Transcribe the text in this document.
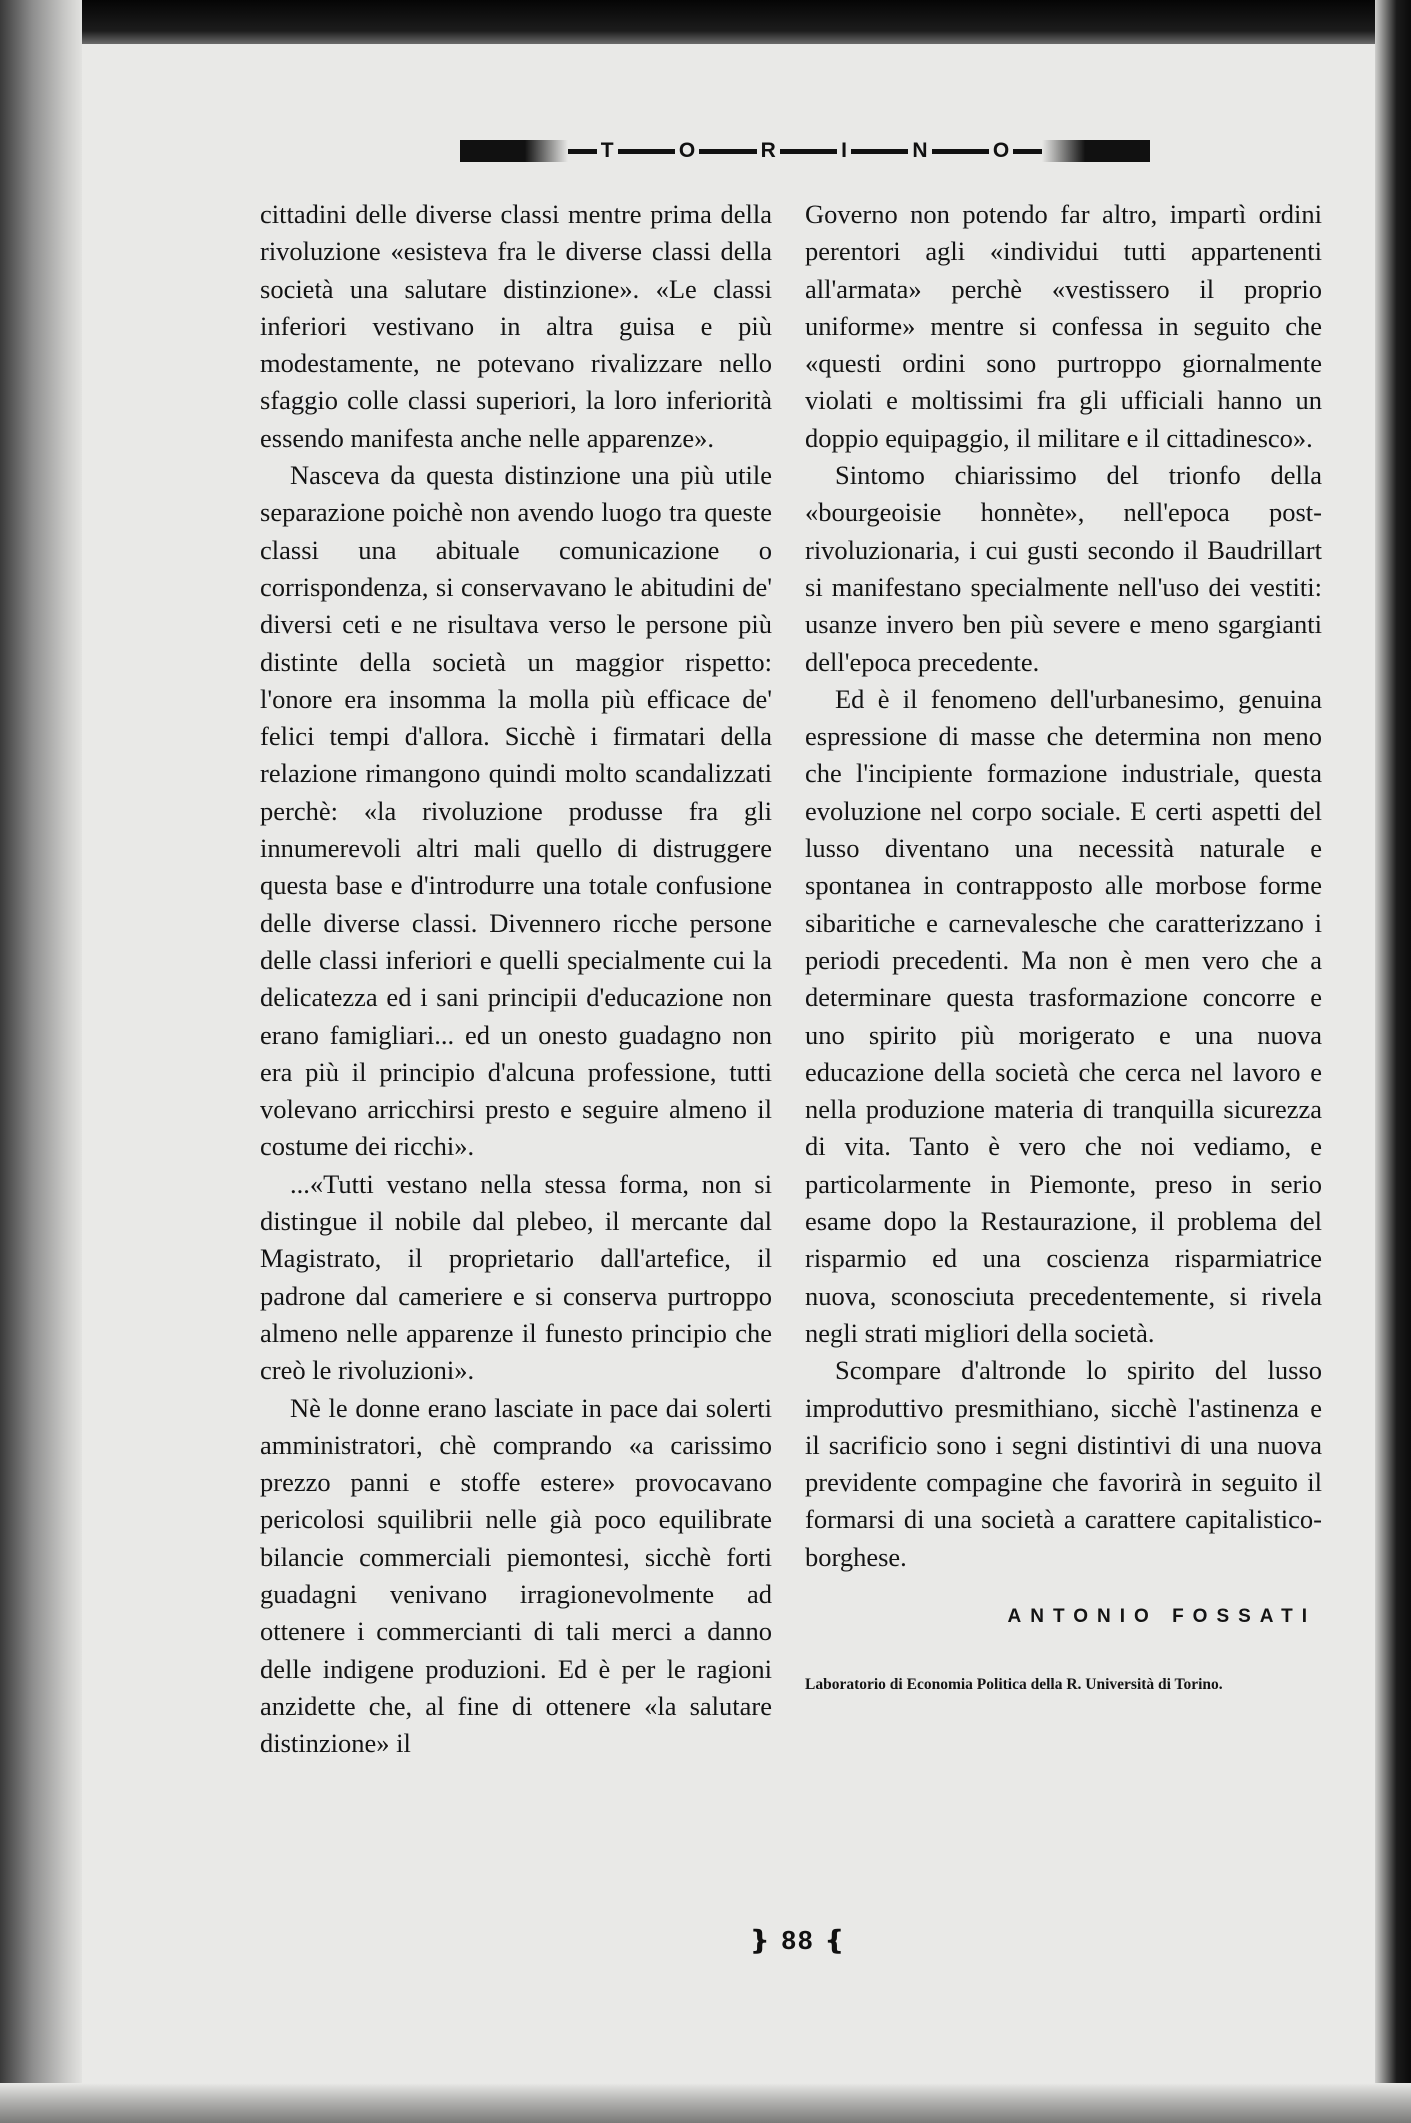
T	O	R	I	N	O

cittadini delle diverse classi mentre prima della rivoluzione «esisteva fra le diverse classi della società una salutare distinzione». «Le classi inferiori vestivano in altra guisa e più modestamente, ne potevano rivalizzare nello sfaggio colle classi superiori, la loro inferiorità essendo manifesta anche nelle apparenze».

Nasceva da questa distinzione una più utile separazione poichè non avendo luogo tra queste classi una abituale comunicazione o corrispondenza, si conservavano le abitudini de' diversi ceti e ne risultava verso le persone più distinte della società un maggior rispetto: l'onore era insomma la molla più efficace de' felici tempi d'allora. Sicchè i firmatari della relazione rimangono quindi molto scandalizzati perchè: «la rivoluzione produsse fra gli innumerevoli altri mali quello di distruggere questa base e d'introdurre una totale confusione delle diverse classi. Divennero ricche persone delle classi inferiori e quelli specialmente cui la delicatezza ed i sani principii d'educazione non erano famigliari... ed un onesto guadagno non era più il principio d'alcuna professione, tutti volevano arricchirsi presto e seguire almeno il costume dei ricchi».

...«Tutti vestano nella stessa forma, non si distingue il nobile dal plebeo, il mercante dal Magistrato, il proprietario dall'artefice, il padrone dal cameriere e si conserva purtroppo almeno nelle apparenze il funesto principio che creò le rivoluzioni».

Nè le donne erano lasciate in pace dai solerti amministratori, chè comprando «a carissimo prezzo panni e stoffe estere» provocavano pericolosi squilibrii nelle già poco equilibrate bilancie commerciali piemontesi, sicchè forti guadagni venivano irragionevolmente ad ottenere i commercianti di tali merci a danno delle indigene produzioni. Ed è per le ragioni anzidette che, al fine di ottenere «la salutare distinzione» il

Governo non potendo far altro, impartì ordini perentori agli «individui tutti appartenenti all'armata» perchè «vestissero il proprio uniforme» mentre si confessa in seguito che «questi ordini sono purtroppo giornalmente violati e moltissimi fra gli ufficiali hanno un doppio equipaggio, il militare e il cittadinesco».

Sintomo chiarissimo del trionfo della «bourgeoisie honnète», nell'epoca post-rivoluzionaria, i cui gusti secondo il Baudrillart si manifestano specialmente nell'uso dei vestiti: usanze invero ben più severe e meno sgargianti dell'epoca precedente.

Ed è il fenomeno dell'urbanesimo, genuina espressione di masse che determina non meno che l'incipiente formazione industriale, questa evoluzione nel corpo sociale. E certi aspetti del lusso diventano una necessità naturale e spontanea in contrapposto alle morbose forme sibaritiche e carnevalesche che caratterizzano i periodi precedenti. Ma non è men vero che a determinare questa trasformazione concorre e uno spirito più morigerato e una nuova educazione della società che cerca nel lavoro e nella produzione materia di tranquilla sicurezza di vita. Tanto è vero che noi vediamo, e particolarmente in Piemonte, preso in serio esame dopo la Restaurazione, il problema del risparmio ed una coscienza risparmiatrice nuova, sconosciuta precedentemente, si rivela negli strati migliori della società.

Scompare d'altronde lo spirito del lusso improduttivo presmithiano, sicchè l'astinenza e il sacrificio sono i segni distintivi di una nuova previdente compagine che favorirà in seguito il formarsi di una società a carattere capitalistico-borghese.

ANTONIO FOSSATI
Laboratorio di Economia Politica della R. Università di Torino.
❵ 88 ❴
